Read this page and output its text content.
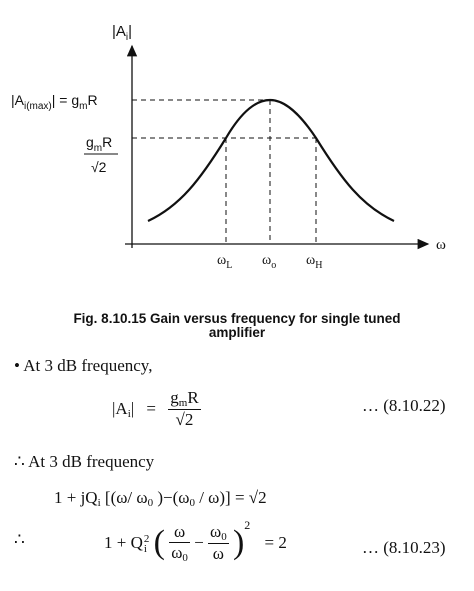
$|A_i|$
ω
$|A_{i(max)}| = g_mR$
$g_mR$
√2
$\omega_L$ $\omega_o$ $\omega_H$
Fig. 8.10.15 Gain versus frequency for single tuned
amplifier
• At 3 dB frequency,
$|A_i| = \frac{g_mR}{√2}$	… (8.10.22)
∴ At 3 dB frequency
$1 + jQ_i$ [(ω/ $\omega_0$ )$-(\omega_0 / \omega)] = √2$
∴	1 + Q 2
i ( $\frac{\omega}{\omega_0} - \frac{\omega_0}{\omega} )^2 = 2$	… (8.10.23)
